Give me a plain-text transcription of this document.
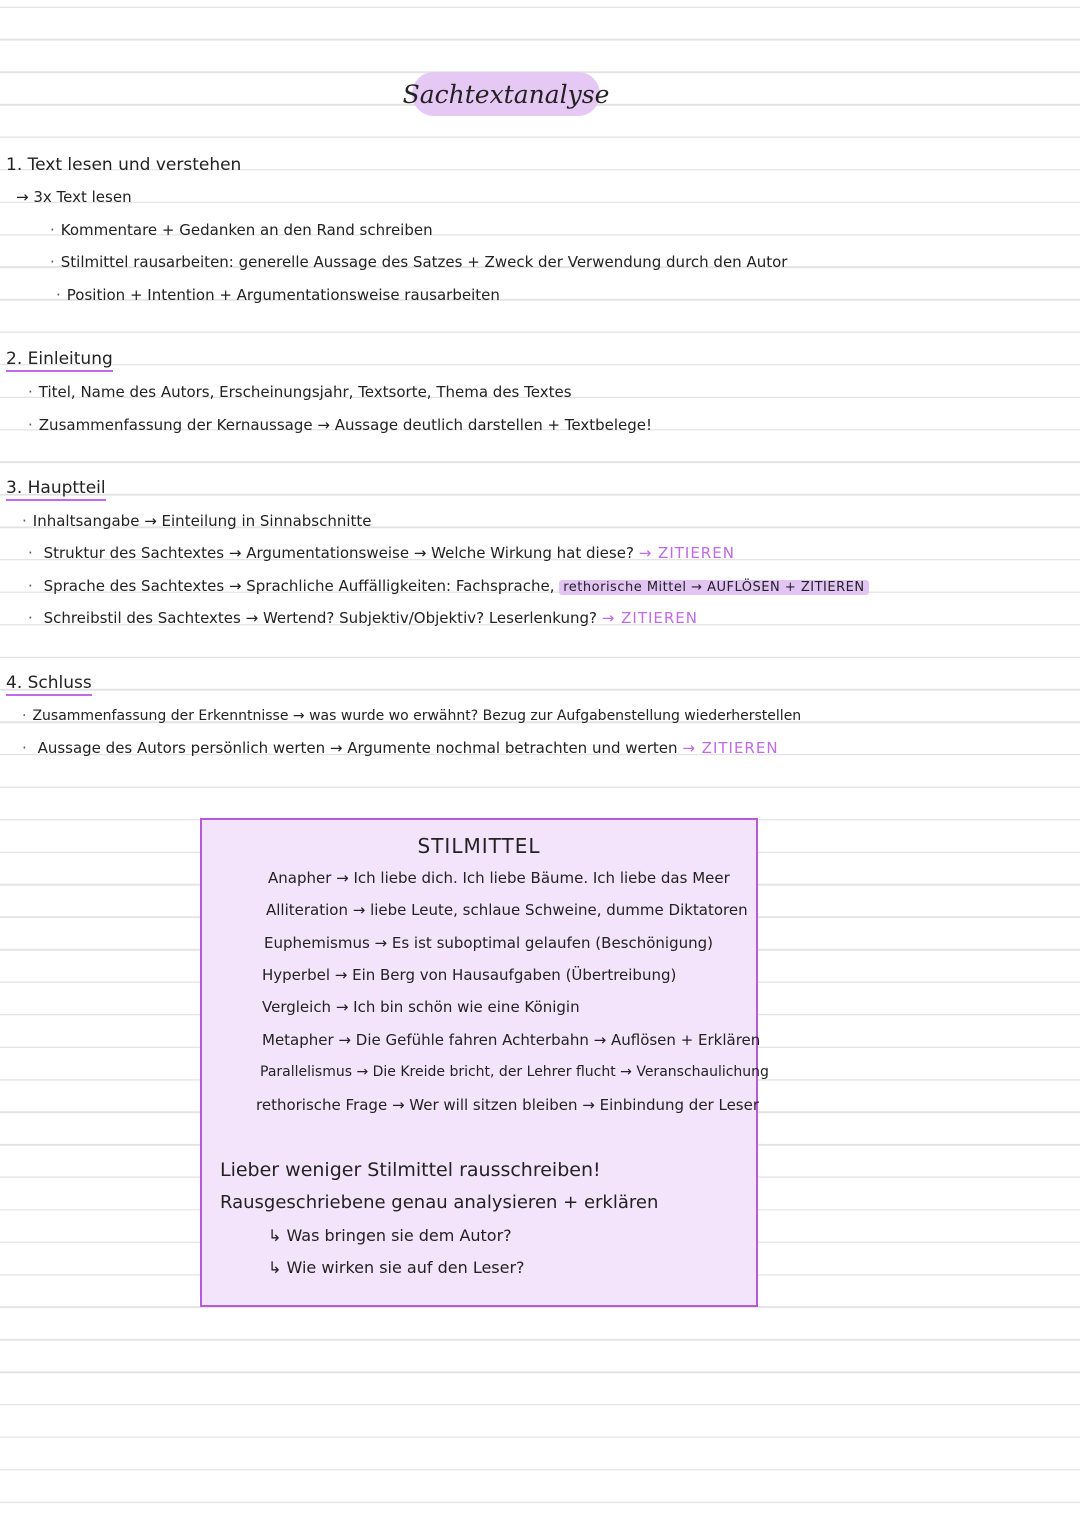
Sachtextanalyse
1. Text lesen und verstehen
→ 3x Text lesen
· Kommentare + Gedanken an den Rand schreiben
· Stilmittel rausarbeiten: generelle Aussage des Satzes + Zweck der Verwendung durch den Autor
· Position + Intention + Argumentationsweise rausarbeiten
2. Einleitung
· Titel, Name des Autors, Erscheinungsjahr, Textsorte, Thema des Textes
· Zusammenfassung der Kernaussage → Aussage deutlich darstellen + Textbelege!
3. Hauptteil
· Inhaltsangabe → Einteilung in Sinnabschnitte
· Struktur des Sachtextes → Argumentationsweise → Welche Wirkung hat diese? → ZITIEREN
· Sprache des Sachtextes → Sprachliche Auffälligkeiten: Fachsprache, rethorische Mittel → AUFLÖSEN + ZITIEREN
· Schreibstil des Sachtextes → Wertend? Subjektiv/Objektiv? Leserlenkung? → ZITIEREN
4. Schluss
· Zusammenfassung der Erkenntnisse → was wurde wo erwähnt? Bezug zur Aufgabenstellung wiederherstellen
· Aussage des Autors persönlich werten → Argumente nochmal betrachten und werten → ZITIEREN
STILMITTEL
Anapher → Ich liebe dich. Ich liebe Bäume. Ich liebe das Meer
Alliteration → liebe Leute, schlaue Schweine, dumme Diktatoren
Euphemismus → Es ist suboptimal gelaufen (Beschönigung)
Hyperbel → Ein Berg von Hausaufgaben (Übertreibung)
Vergleich → Ich bin schön wie eine Königin
Metapher → Die Gefühle fahren Achterbahn → Auflösen + Erklären
Parallelismus → Die Kreide bricht, der Lehrer flucht → Veranschaulichung
rethorische Frage → Wer will sitzen bleiben → Einbindung der Leser
Lieber weniger Stilmittel rausschreiben!
Rausgeschriebene genau analysieren + erklären
↳ Was bringen sie dem Autor?
↳ Wie wirken sie auf den Leser?
